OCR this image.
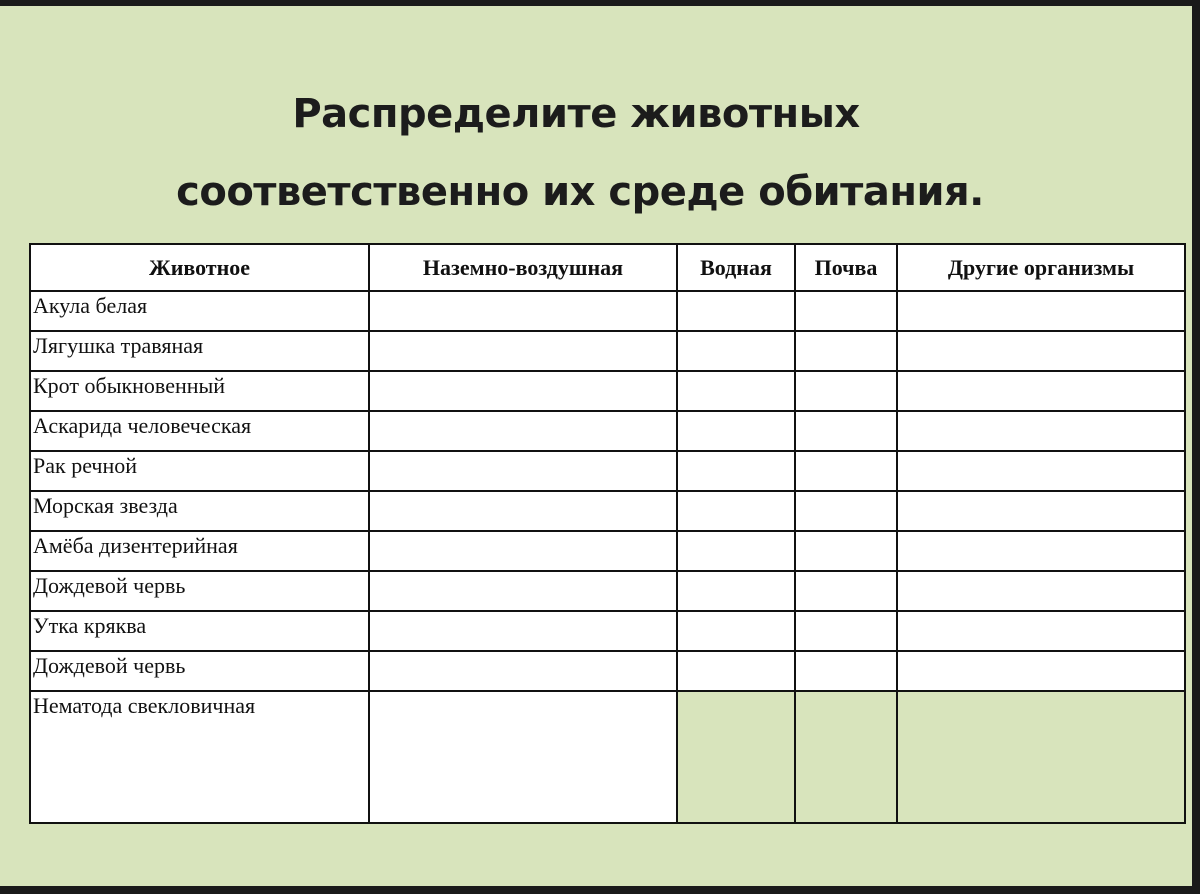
Распределите животных
соответственно их среде обитания.
Животное	Наземно-воздушная	Водная	Почва	Другие организмы
Акула белая				
Лягушка травяная				
Крот обыкновенный				
Аскарида человеческая				
Рак речной				
Морская звезда				
Амёба дизентерийная				
Дождевой червь				
Утка кряква				
Дождевой червь				
Нематода свекловичная				
